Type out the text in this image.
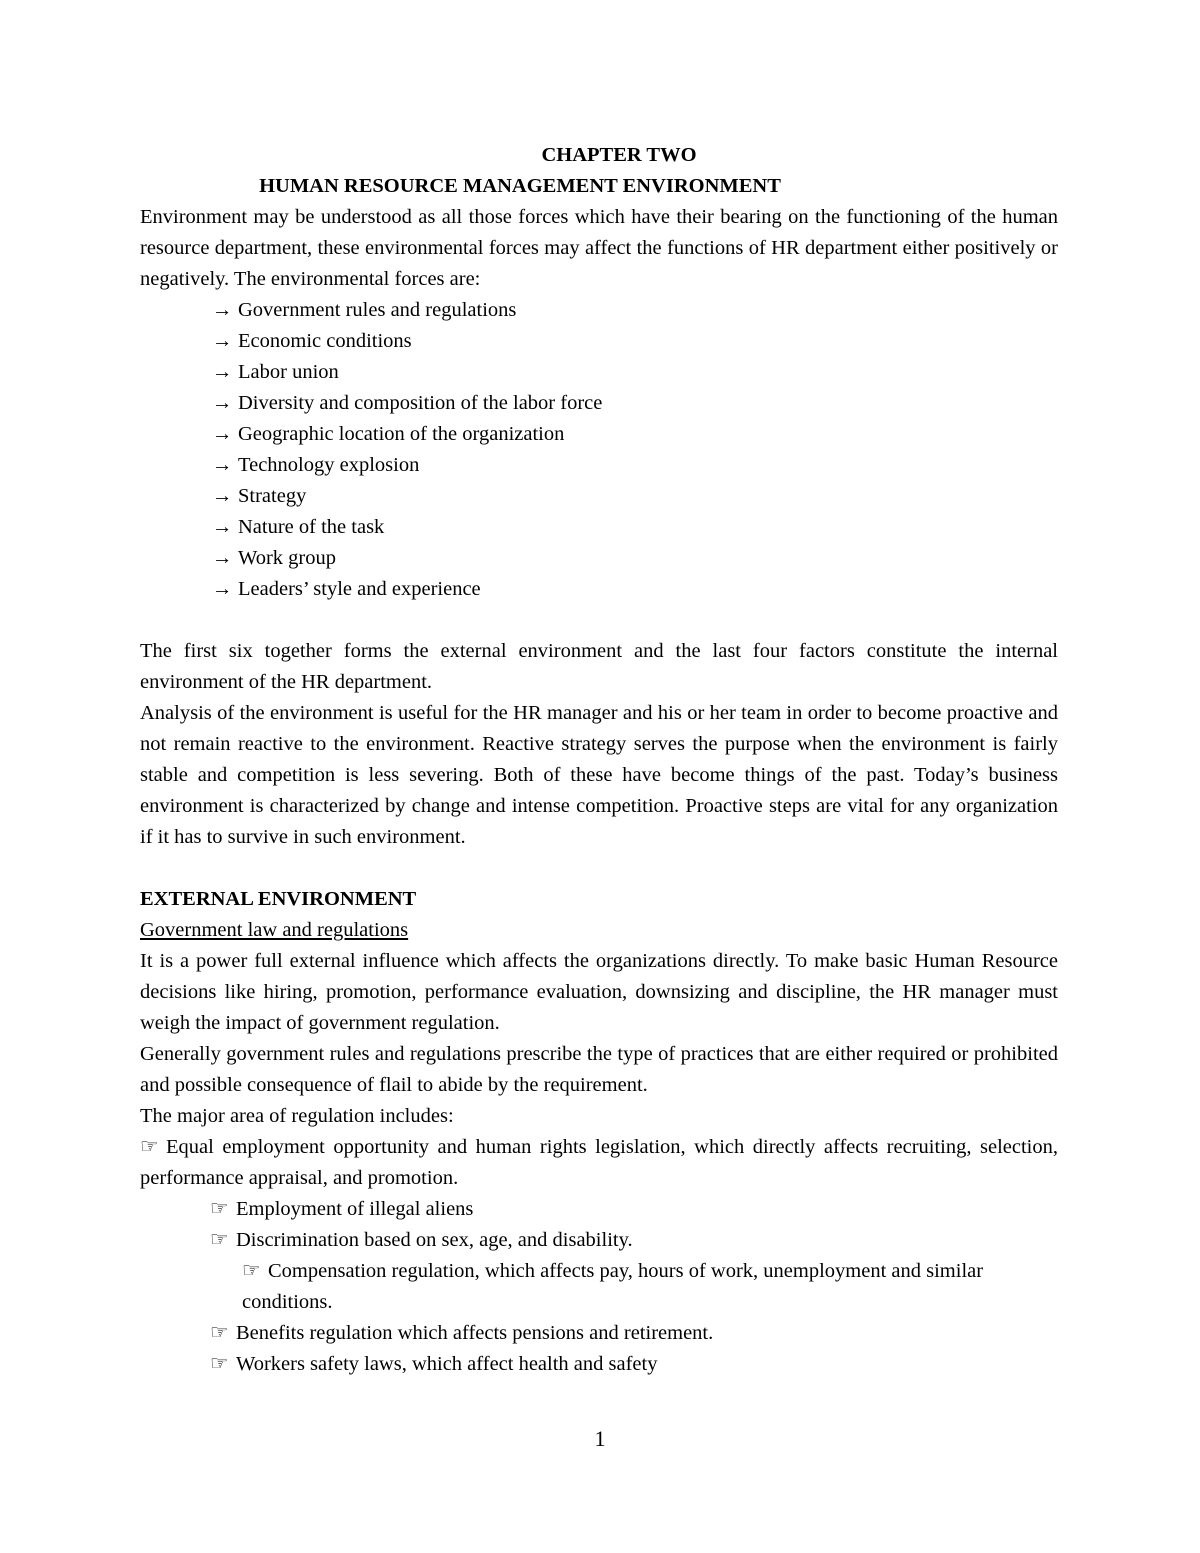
CHAPTER TWO
HUMAN RESOURCE MANAGEMENT ENVIRONMENT

Environment may be understood as all those forces which have their bearing on the functioning of the human resource department, these environmental forces may affect the functions of HR department either positively or negatively. The environmental forces are:

→ Government rules and regulations
→ Economic conditions
→ Labor union
→ Diversity and composition of the labor force
→ Geographic location of the organization
→ Technology explosion
→ Strategy
→ Nature of the task
→ Work group
→ Leaders’ style and experience

The first six together forms the external environment and the last four factors constitute the internal environment of the HR department.

Analysis of the environment is useful for the HR manager and his or her team in order to become proactive and not remain reactive to the environment. Reactive strategy serves the purpose when the environment is fairly stable and competition is less severing. Both of these have become things of the past. Today’s business environment is characterized by change and intense competition. Proactive steps are vital for any organization if it has to survive in such environment.

EXTERNAL ENVIRONMENT
Government law and regulations

It is a power full external influence which affects the organizations directly. To make basic Human Resource decisions like hiring, promotion, performance evaluation, downsizing and discipline, the HR manager must weigh the impact of government regulation.

Generally government rules and regulations prescribe the type of practices that are either required or prohibited and possible consequence of flail to abide by the requirement.

The major area of regulation includes:

☞ Equal employment opportunity and human rights legislation, which directly affects recruiting, selection, performance appraisal, and promotion.

☞ Employment of illegal aliens
☞ Discrimination based on sex, age, and disability.
☞ Compensation regulation, which affects pay, hours of work, unemployment and similar conditions.
☞ Benefits regulation which affects pensions and retirement.
☞ Workers safety laws, which affect health and safety
1
